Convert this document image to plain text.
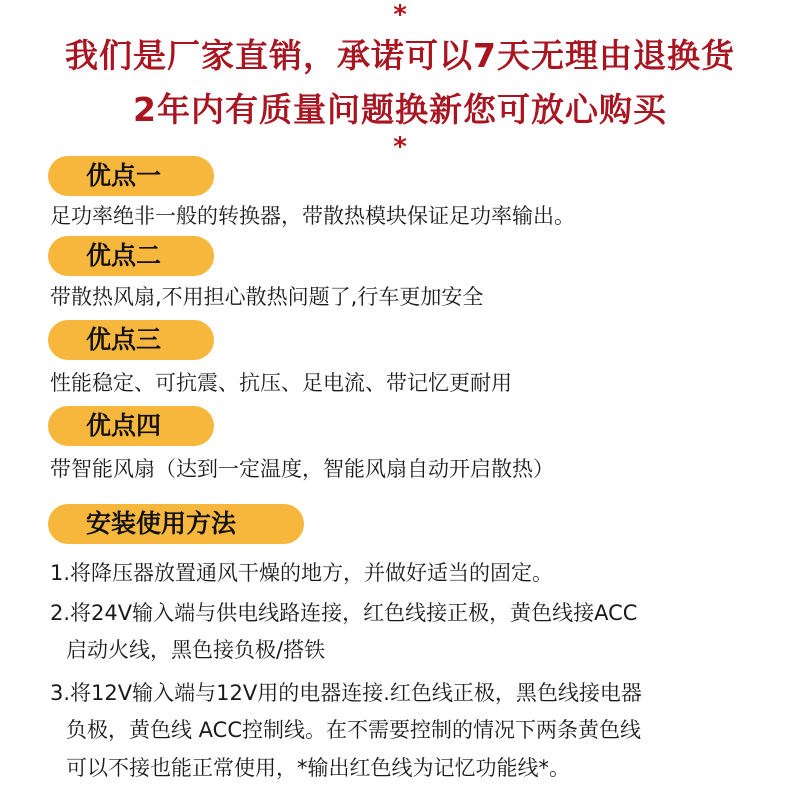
*
我们是厂家直销，承诺可以7天无理由退换货
2年内有质量问题换新您可放心购买
*
优点一
足功率绝非一般的转换器，带散热模块保证足功率输出。
优点二
带散热风扇,不用担心散热问题了,行车更加安全
优点三
性能稳定、可抗震、抗压、足电流、带记忆更耐用
优点四
带智能风扇（达到一定温度，智能风扇自动开启散热）
安装使用方法
1.将降压器放置通风干燥的地方，并做好适当的固定。
2.将24V输入端与供电线路连接，红色线接正极，黄色线接ACC
启动火线，黑色接负极/搭铁
3.将12V输入端与12V用的电器连接.红色线正极，黑色线接电器
负极，黄色线 ACC控制线。在不需要控制的情况下两条黄色线
可以不接也能正常使用，*输出红色线为记忆功能线*。
